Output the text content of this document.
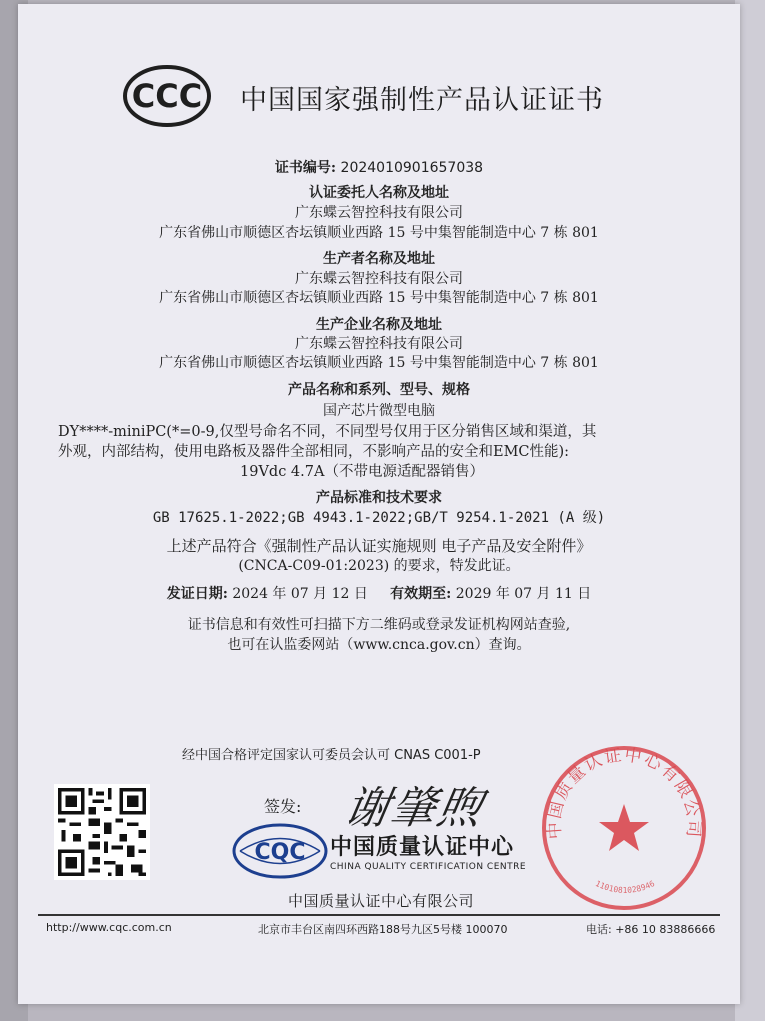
CCC 中国国家强制性产品认证证书
证书编号: 2024010901657038
认证委托人名称及地址
广东蝶云智控科技有限公司
广东省佛山市顺德区杏坛镇顺业西路 15 号中集智能制造中心 7 栋 801
生产者名称及地址
广东蝶云智控科技有限公司
广东省佛山市顺德区杏坛镇顺业西路 15 号中集智能制造中心 7 栋 801
生产企业名称及地址
广东蝶云智控科技有限公司
广东省佛山市顺德区杏坛镇顺业西路 15 号中集智能制造中心 7 栋 801
产品名称和系列、型号、规格
国产芯片微型电脑
DY****-miniPC(*=0-9,仅型号命名不同，不同型号仅用于区分销售区域和渠道，其
外观，内部结构，使用电路板及器件全部相同，不影响产品的安全和EMC性能):
19Vdc 4.7A（不带电源适配器销售）
产品标准和技术要求
GB 17625.1-2022;GB 4943.1-2022;GB/T 9254.1-2021 (A 级)
上述产品符合《强制性产品认证实施规则 电子产品及安全附件》
(CNCA-C09-01:2023) 的要求，特发此证。
发证日期: 2024 年 07 月 12 日 有效期至: 2029 年 07 月 11 日
证书信息和有效性可扫描下方二维码或登录发证机构网站查验,
也可在认监委网站（www.cnca.gov.cn）查询。
经中国合格评定国家认可委员会认可 CNAS C001-P
签发: 谢肇煦
CQC 中国质量认证中心
CHINA QUALITY CERTIFICATION CENTRE
中国质量认证中心有限公司
中国质量认证中心有限公司
1101081028946
http://www.cqc.com.cn	北京市丰台区南四环西路188号九区5号楼 100070	电话: +86 10 83886666
